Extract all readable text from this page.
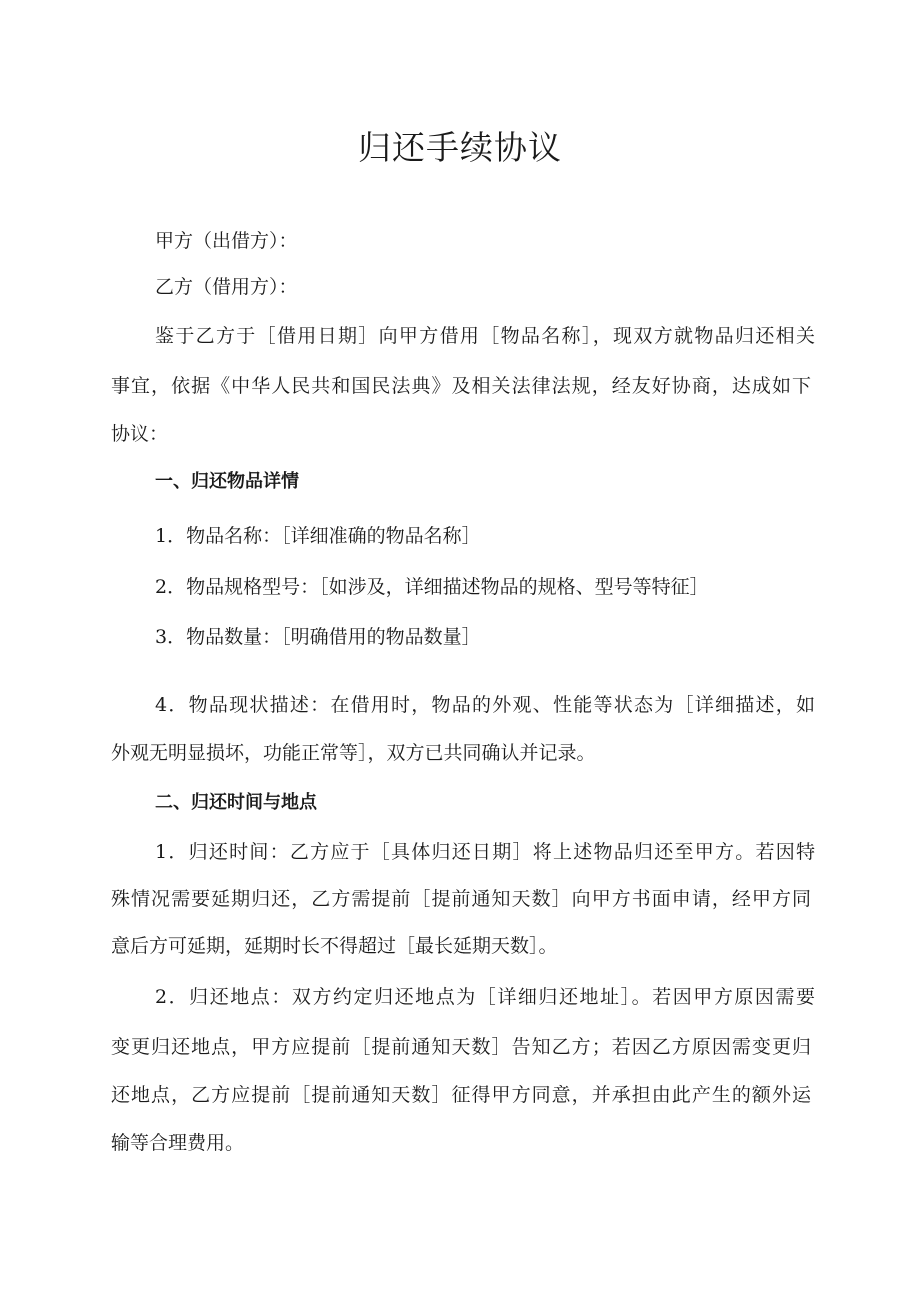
归还手续协议

甲方（出借方）：

乙方（借用方）：

鉴于乙方于［借用日期］向甲方借用［物品名称］，现双方就物品归还相关

事宜，依据《中华人民共和国民法典》及相关法律法规，经友好协商，达成如下

协议：

一、归还物品详情

1．物品名称：［详细准确的物品名称］

2．物品规格型号：［如涉及，详细描述物品的规格、型号等特征］

3．物品数量：［明确借用的物品数量］

4．物品现状描述：在借用时，物品的外观、性能等状态为［详细描述，如

外观无明显损坏，功能正常等］，双方已共同确认并记录。

二、归还时间与地点

1．归还时间：乙方应于［具体归还日期］将上述物品归还至甲方。若因特

殊情况需要延期归还，乙方需提前［提前通知天数］向甲方书面申请，经甲方同

意后方可延期，延期时长不得超过［最长延期天数］。

2．归还地点：双方约定归还地点为［详细归还地址］。若因甲方原因需要

变更归还地点，甲方应提前［提前通知天数］告知乙方；若因乙方原因需变更归

还地点，乙方应提前［提前通知天数］征得甲方同意，并承担由此产生的额外运

输等合理费用。
